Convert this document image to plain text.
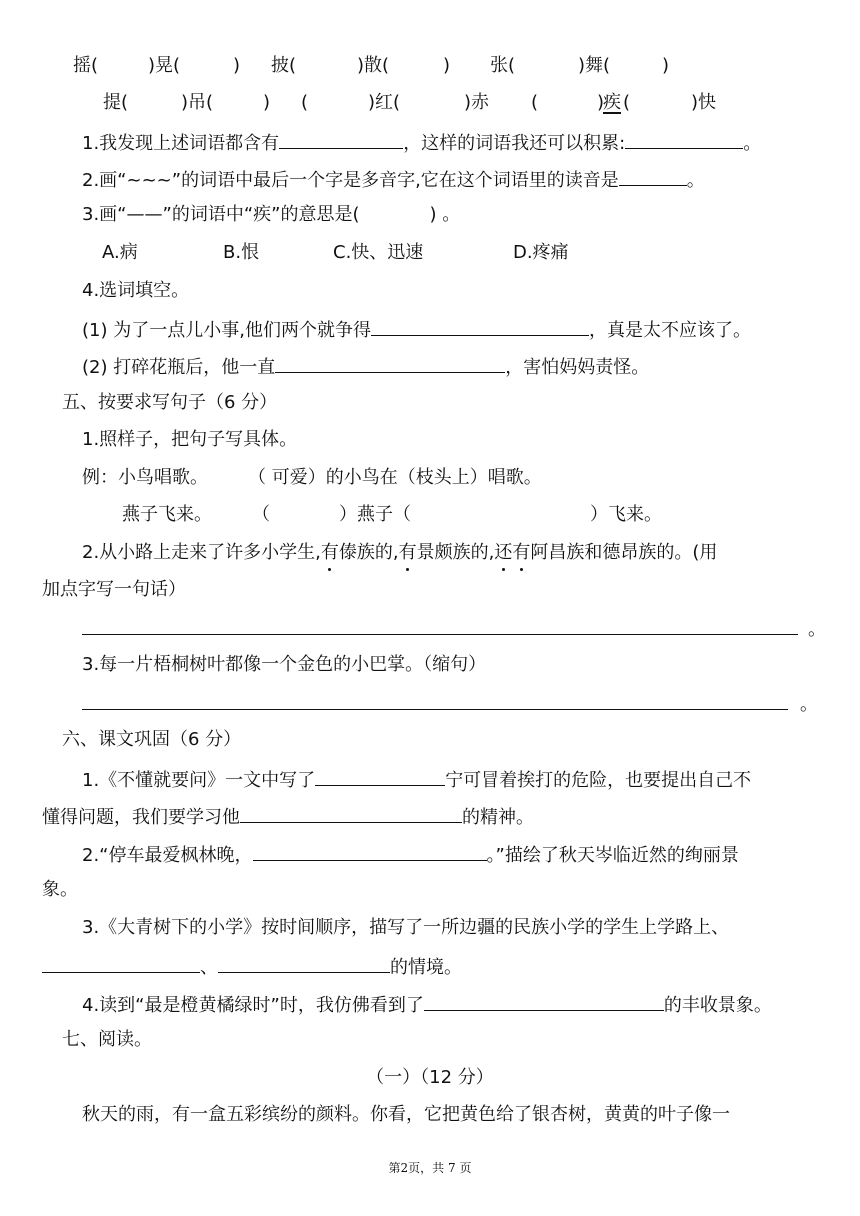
摇(	)晃(	) 披(	)散(	) 张(	)舞(	)
提(	)吊(	) (	)红(	)赤 (	)
疾 (	)快
1.我发现上述词语都含有	，这样的词语我还可以积累:	。
2.画“~~~”的词语中最后一个字是多音字,它在这个词语里的读音是	。
3.画“——”的词语中“疾”的意思是(	) 。
A.病	B.恨	C.快、迅速	D.疼痛
4.选词填空。
(1) 为了一点儿小事,他们两个就争得	，真是太不应该了。
(2) 打碎花瓶后，他一直	，害怕妈妈责怪。
五、按要求写句子（6 分）
1.照样子，把句子写具体。
例：小鸟唱歌。 （ 可爱）的小鸟在（枝头上）唱歌。
燕子飞来。 （	）燕子（	）飞来。
2.从小路上走来了许多小学生,有傣族的,有景颇族的,还有阿昌族和德昂族的。(用
加点字写一句话）
。
3.每一片梧桐树叶都像一个金色的小巴掌。（缩句）
。
六、课文巩固（6 分）
1.《不懂就要问》一文中写了	宁可冒着挨打的危险，也要提出自己不
懂得问题，我们要学习他	的精神。
2.“停车最爱枫林晚，	。”描绘了秋天岑临近然的绚丽景
象。
3.《大青树下的小学》按时间顺序，描写了一所边疆的民族小学的学生上学路上、
、	的情境。
4.读到“最是橙黄橘绿时”时，我仿佛看到了	的丰收景象。
七、阅读。
（一）（12 分）
秋天的雨，有一盒五彩缤纷的颜料。你看，它把黄色给了银杏树，黄黄的叶子像一
第2页，共 7 页
